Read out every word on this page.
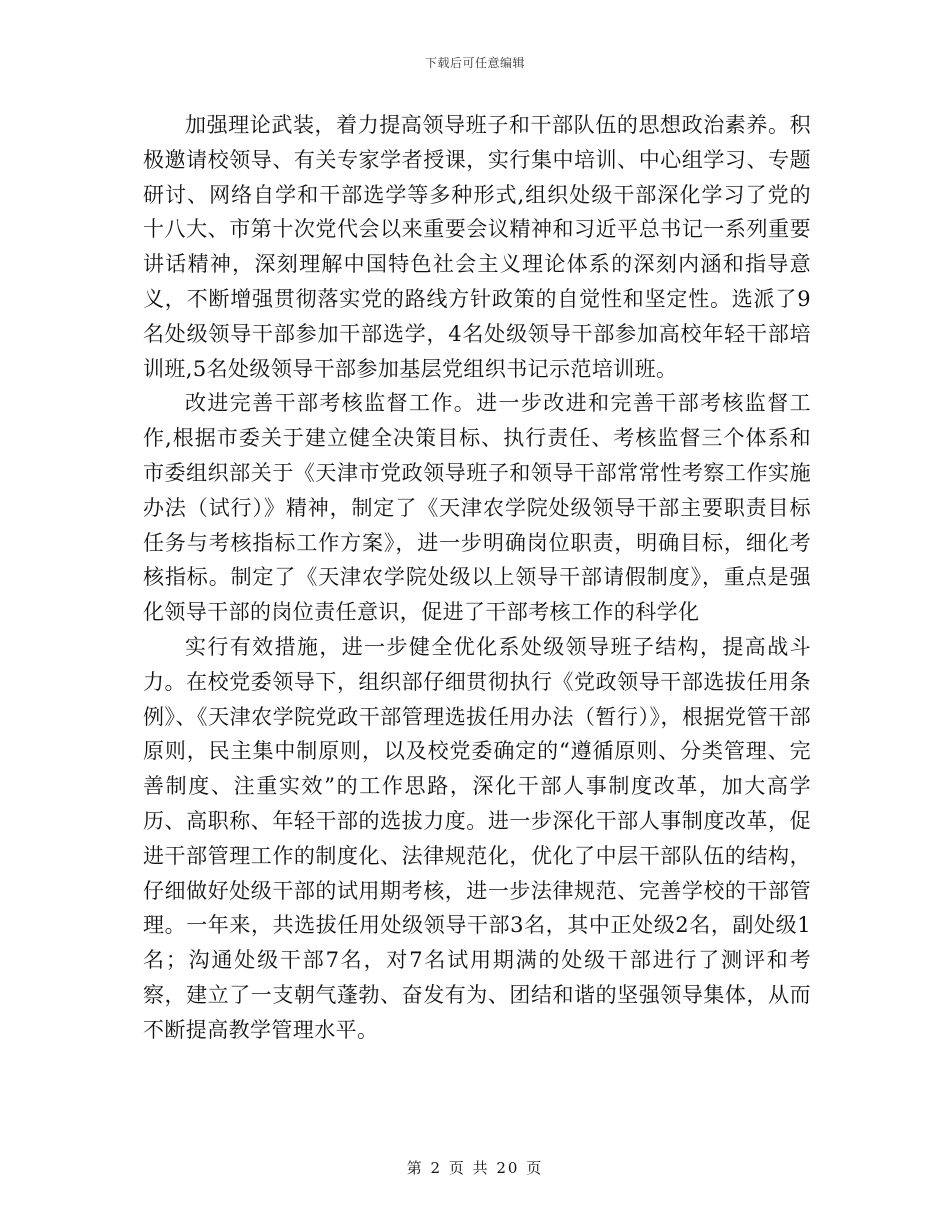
下载后可任意编辑

加强理论武装，着力提高领导班子和干部队伍的思想政治素养。积极邀请校领导、有关专家学者授课，实行集中培训、中心组学习、专题研讨、网络自学和干部选学等多种形式,组织处级干部深化学习了党的十八大、市第十次党代会以来重要会议精神和习近平总书记一系列重要讲话精神，深刻理解中国特色社会主义理论体系的深刻内涵和指导意义，不断增强贯彻落实党的路线方针政策的自觉性和坚定性。选派了9名处级领导干部参加干部选学，4名处级领导干部参加高校年轻干部培训班,5名处级领导干部参加基层党组织书记示范培训班。

改进完善干部考核监督工作。进一步改进和完善干部考核监督工作,根据市委关于建立健全决策目标、执行责任、考核监督三个体系和市委组织部关于《天津市党政领导班子和领导干部常常性考察工作实施办法（试行）》精神，制定了《天津农学院处级领导干部主要职责目标任务与考核指标工作方案》，进一步明确岗位职责，明确目标，细化考核指标。制定了《天津农学院处级以上领导干部请假制度》，重点是强化领导干部的岗位责任意识，促进了干部考核工作的科学化

实行有效措施，进一步健全优化系处级领导班子结构，提高战斗力。在校党委领导下，组织部仔细贯彻执行《党政领导干部选拔任用条例》、《天津农学院党政干部管理选拔任用办法（暂行）》，根据党管干部原则，民主集中制原则，以及校党委确定的“遵循原则、分类管理、完善制度、注重实效”的工作思路，深化干部人事制度改革，加大高学历、高职称、年轻干部的选拔力度。进一步深化干部人事制度改革，促进干部管理工作的制度化、法律规范化，优化了中层干部队伍的结构，仔细做好处级干部的试用期考核，进一步法律规范、完善学校的干部管理。一年来，共选拔任用处级领导干部3名，其中正处级2名，副处级1名；沟通处级干部7名，对7名试用期满的处级干部进行了测评和考察，建立了一支朝气蓬勃、奋发有为、团结和谐的坚强领导集体，从而不断提高教学管理水平。

第 2 页 共 20 页
